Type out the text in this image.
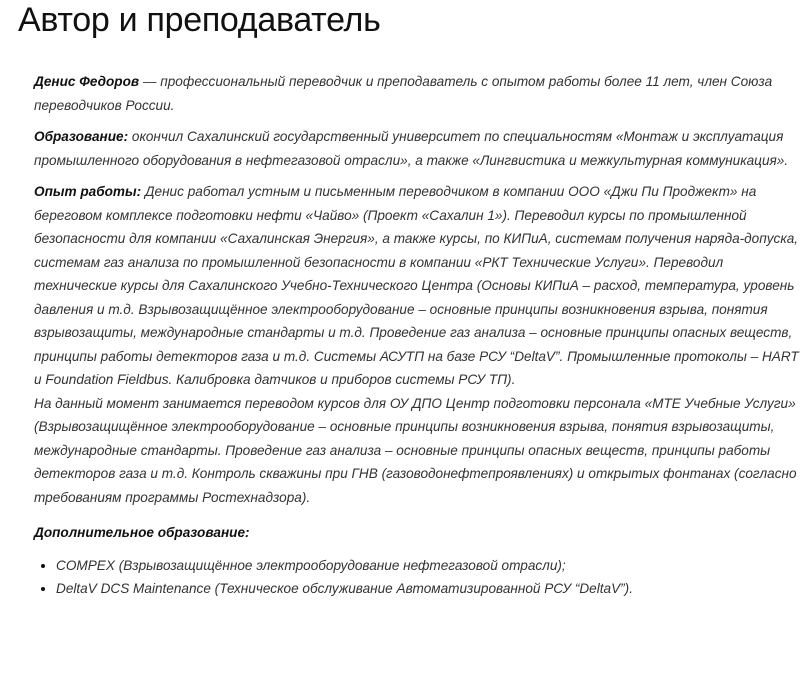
Автор и преподаватель

Денис Федоров — профессиональный переводчик и преподаватель с опытом работы более 11 лет, член Союза переводчиков России.

Образование: окончил Сахалинский государственный университет по специальностям «Монтаж и эксплуатация промышленного оборудования в нефтегазовой отрасли», а также «Лингвистика и межкультурная коммуникация».

Опыт работы: Денис работал устным и письменным переводчиком в компании ООО «Джи Пи Проджект» на береговом комплексе подготовки нефти «Чайво» (Проект «Сахалин 1»). Переводил курсы по промышленной безопасности для компании «Сахалинская Энергия», а также курсы, по КИПиА, системам получения наряда-допуска, системам газ анализа по промышленной безопасности в компании «РКТ Технические Услуги». Переводил технические курсы для Сахалинского Учебно-Технического Центра (Основы КИПиА – расход, температура, уровень давления и т.д. Взрывозащищённое электрооборудование – основные принципы возникновения взрыва, понятия взрывозащиты, международные стандарты и т.д. Проведение газ анализа – основные принципы опасных веществ, принципы работы детекторов газа и т.д. Системы АСУТП на базе РСУ “DeltaV”. Промышленные протоколы – HART и Foundation Fieldbus. Калибровка датчиков и приборов системы РСУ ТП).

На данный момент занимается переводом курсов для ОУ ДПО Центр подготовки персонала «МТЕ Учебные Услуги» (Взрывозащищённое электрооборудование – основные принципы возникновения взрыва, понятия взрывозащиты, международные стандарты. Проведение газ анализа – основные принципы опасных веществ, принципы работы детекторов газа и т.д. Контроль скважины при ГНВ (газоводонефтепроявлениях) и открытых фонтанах (согласно требованиям программы Ростехнадзора).

Дополнительное образование:
• COMPEX (Взрывозащищённое электрооборудование нефтегазовой отрасли);
• DeltaV DCS Maintenance (Техническое обслуживание Автоматизированной РСУ “DeltaV”).
